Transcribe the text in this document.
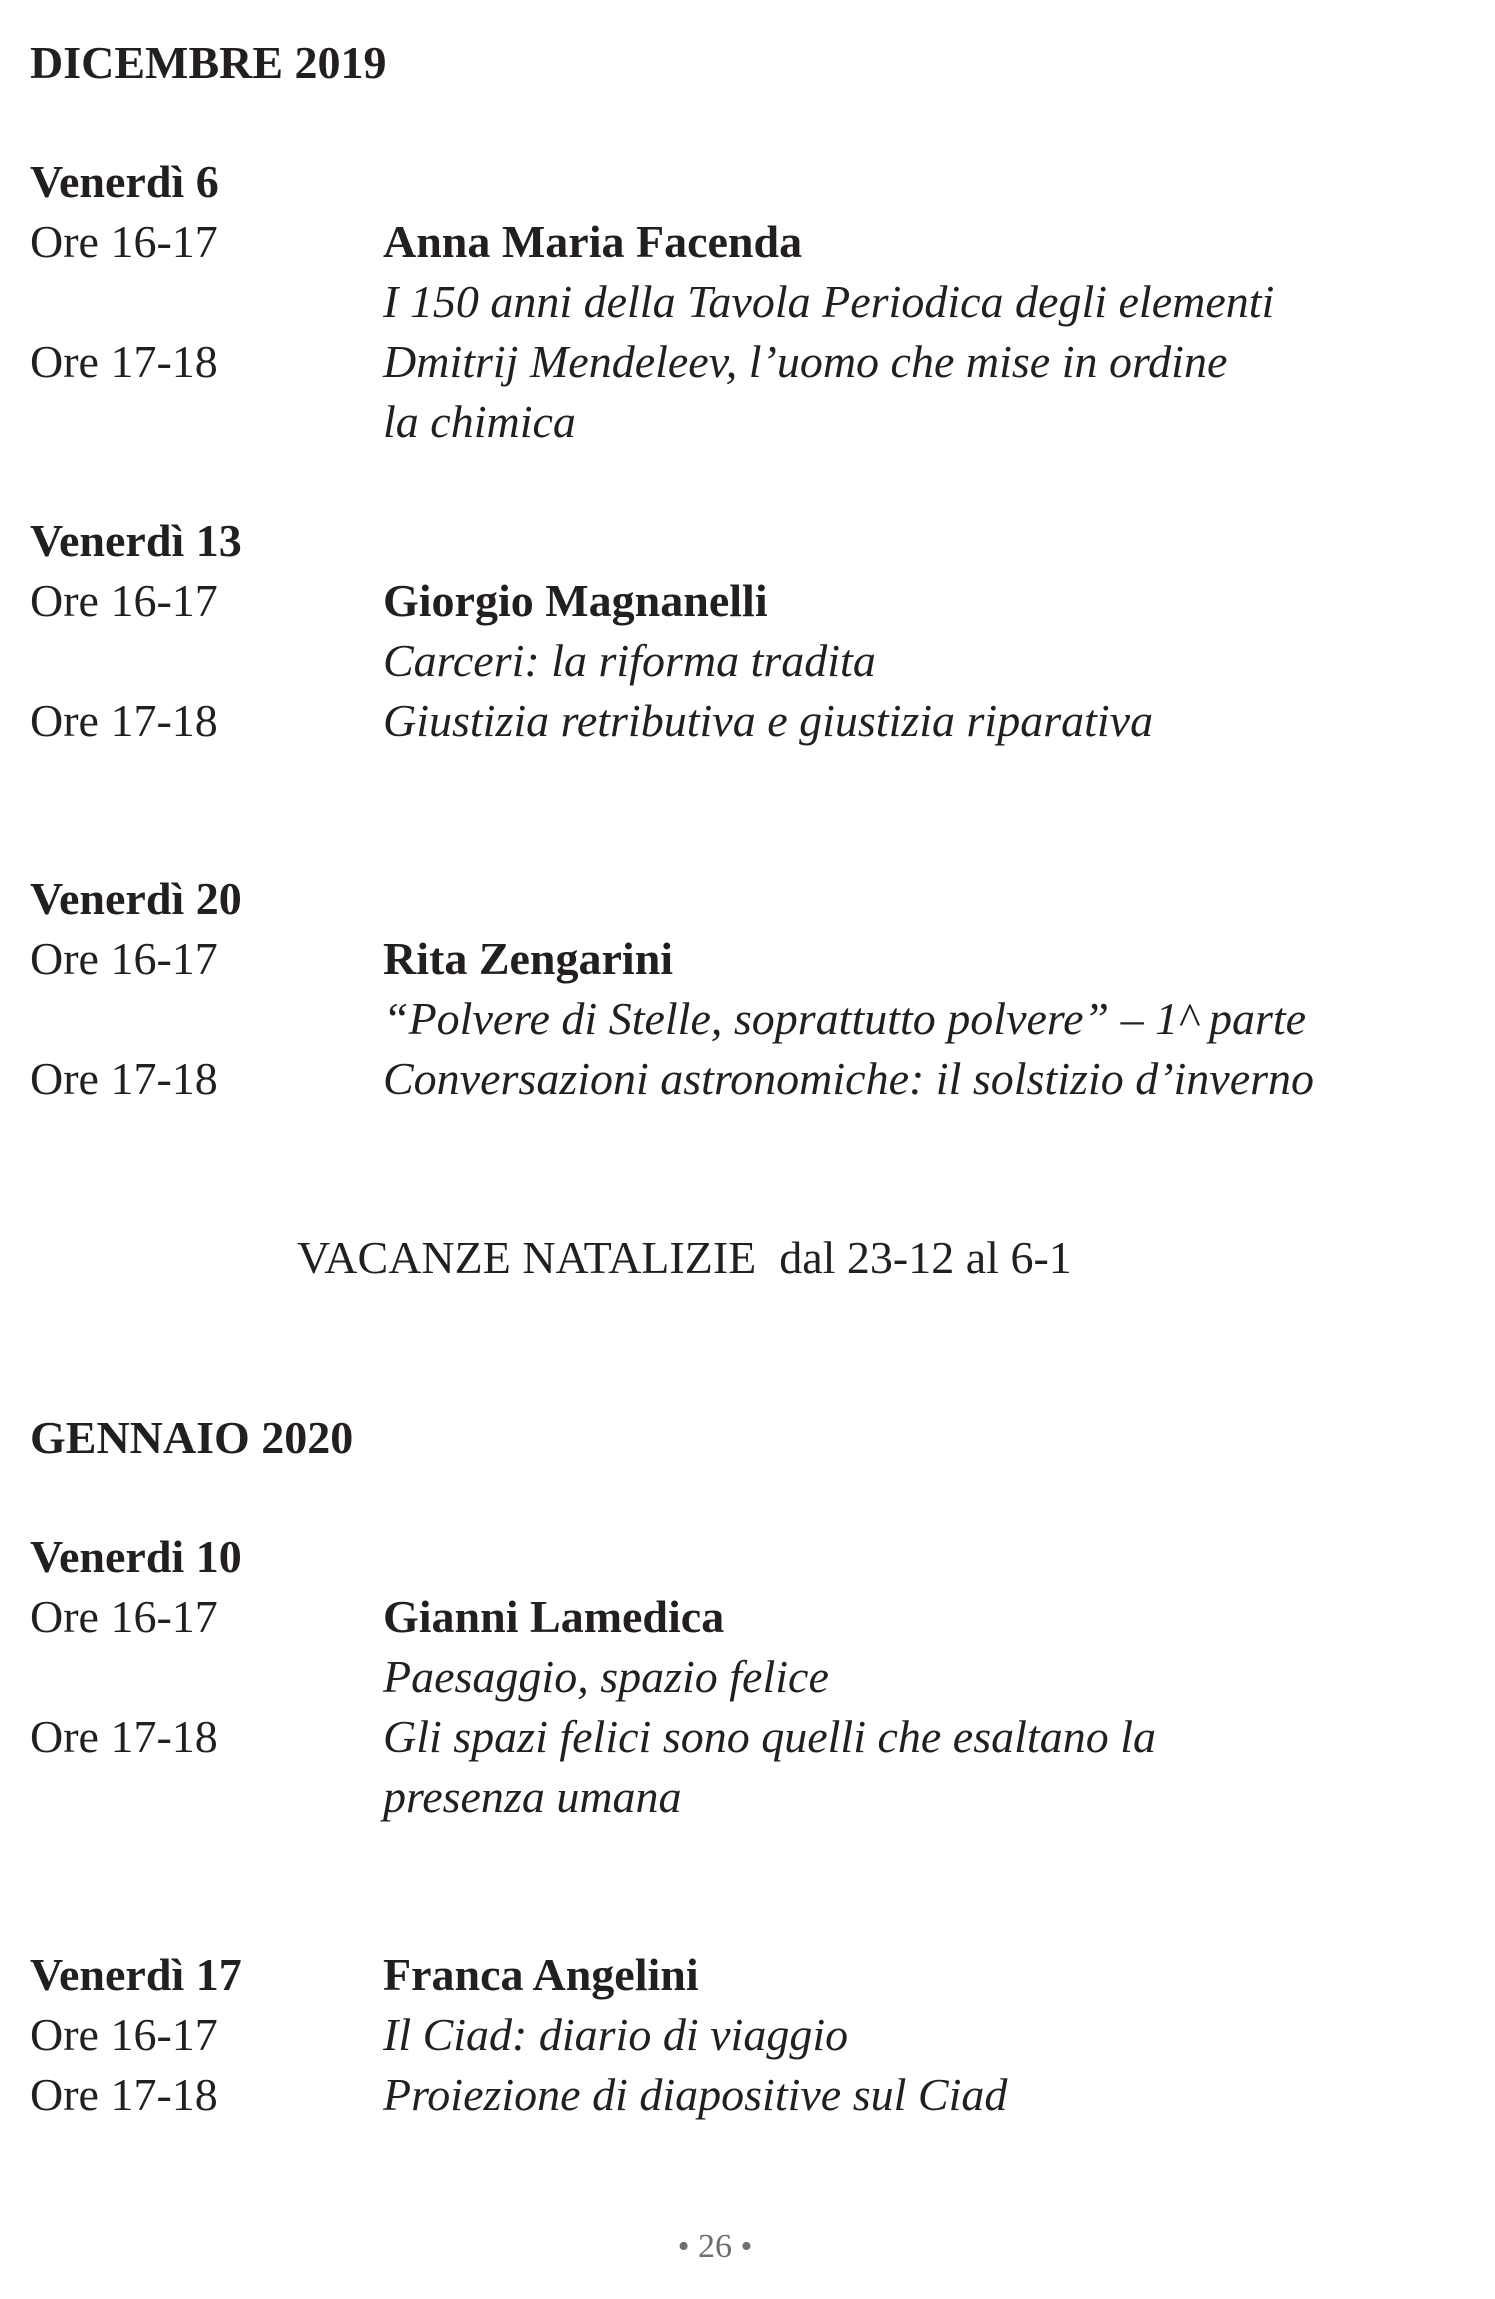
DICEMBRE 2019
Venerdì 6
Ore 16-17	Anna Maria Facenda
I 150 anni della Tavola Periodica degli elementi
Ore 17-18	Dmitrij Mendeleev, l’uomo che mise in ordine
la chimica
Venerdì 13
Ore 16-17	Giorgio Magnanelli
Carceri: la riforma tradita
Ore 17-18	Giustizia retributiva e giustizia riparativa
Venerdì 20
Ore 16-17	Rita Zengarini
“Polvere di Stelle, soprattutto polvere” – 1^ parte
Ore 17-18	Conversazioni astronomiche: il solstizio d’inverno
VACANZE NATALIZIE  dal 23-12 al 6-1
GENNAIO 2020
Venerdi 10
Ore 16-17	Gianni Lamedica
Paesaggio, spazio felice
Ore 17-18	Gli spazi felici sono quelli che esaltano la
presenza umana
Venerdì 17	Franca Angelini
Ore 16-17	Il Ciad: diario di viaggio
Ore 17-18	Proiezione di diapositive sul Ciad
• 26 •
